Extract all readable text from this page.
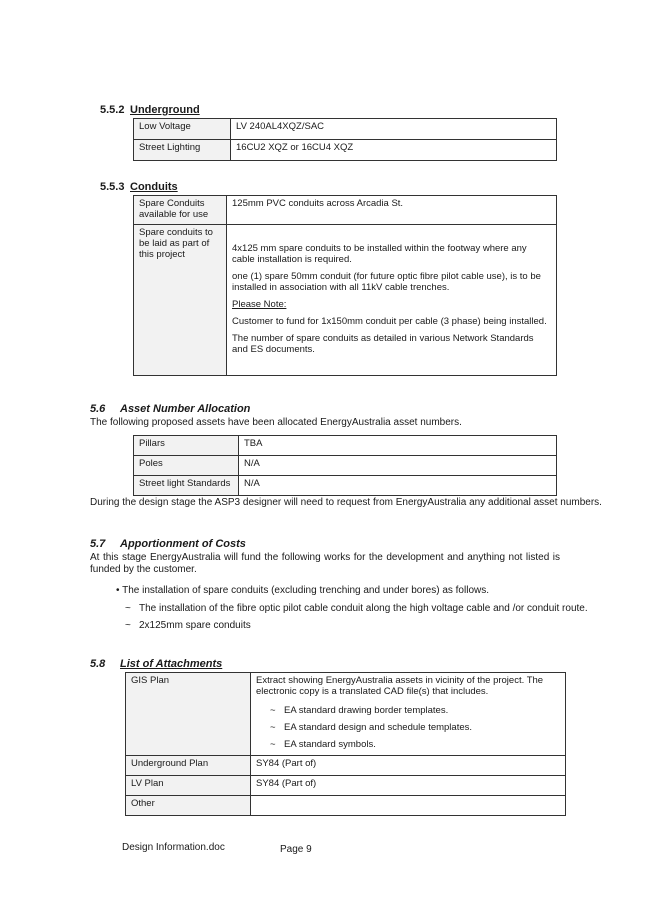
5.5.2 Underground
Low Voltage	LV 240AL4XQZ/SAC
Street Lighting	16CU2 XQZ or 16CU4 XQZ
5.5.3 Conduits
Spare Conduits available for use	125mm PVC conduits across Arcadia St.
Spare conduits to be laid as part of this project	4x125 mm spare conduits to be installed within the footway where any cable installation is required.

one (1) spare 50mm conduit (for future optic fibre pilot cable use), is to be installed in association with all 11kV cable trenches.

Please Note:

Customer to fund for 1x150mm conduit per cable (3 phase) being installed.

The number of spare conduits as detailed in various Network Standards and ES documents.

5.6 Asset Number Allocation
The following proposed assets have been allocated EnergyAustralia asset numbers.
Pillars	TBA
Poles	N/A
Street light Standards	N/A
During the design stage the ASP3 designer will need to request from EnergyAustralia any additional asset numbers.
5.7 Apportionment of Costs
At this stage EnergyAustralia will fund the following works for the development and anything not listed is funded by the customer.
• The installation of spare conduits (excluding trenching and under bores) as follows.
~ The installation of the fibre optic pilot cable conduit along the high voltage cable and /or conduit route.
~ 2x125mm spare conduits
5.8 List of Attachments
GIS Plan	Extract showing EnergyAustralia assets in vicinity of the project. The electronic copy is a translated CAD file(s) that includes.

~ EA standard drawing border templates.
~ EA standard design and schedule templates.
~ EA standard symbols.

Underground Plan	SY84 (Part of)
LV Plan	SY84 (Part of)
Other	
Design Information.doc	Page 9
